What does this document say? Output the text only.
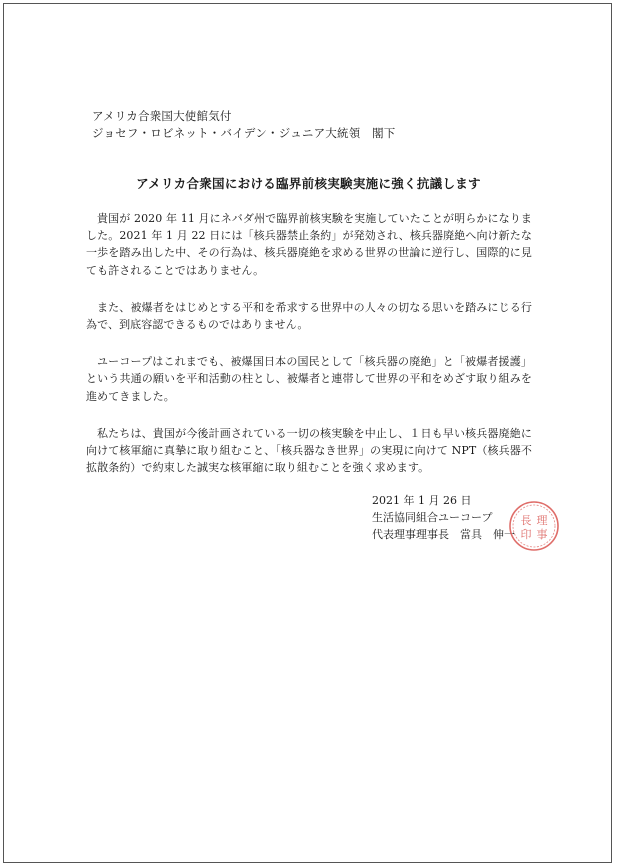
アメリカ合衆国大使館気付
ジョセフ・ロビネット・バイデン・ジュニア大統領　閣下
アメリカ合衆国における臨界前核実験実施に強く抗議します

貴国が 2020 年 11 月にネバダ州で臨界前核実験を実施していたことが明らかになりました。2021 年 1 月 22 日には「核兵器禁止条約」が発効され、核兵器廃絶へ向け新たな一歩を踏み出した中、その行為は、核兵器廃絶を求める世界の世論に逆行し、国際的に見ても許されることではありません。

また、被爆者をはじめとする平和を希求する世界中の人々の切なる思いを踏みにじる行為で、到底容認できるものではありません。

ユーコープはこれまでも、被爆国日本の国民として「核兵器の廃絶」と「被爆者援護」という共通の願いを平和活動の柱とし、被爆者と連帯して世界の平和をめざす取り組みを進めてきました。

私たちは、貴国が今後計画されている一切の核実験を中止し、１日も早い核兵器廃絶に向けて核軍縮に真摯に取り組むこと、「核兵器なき世界」の実現に向けて NPT（核兵器不拡散条約）で約束した誠実な核軍縮に取り組むことを強く求めます。

2021 年 1 月 26 日
生活協同組合ユーコープ
代表理事理事長　當具　伸一
長 理
印 事
